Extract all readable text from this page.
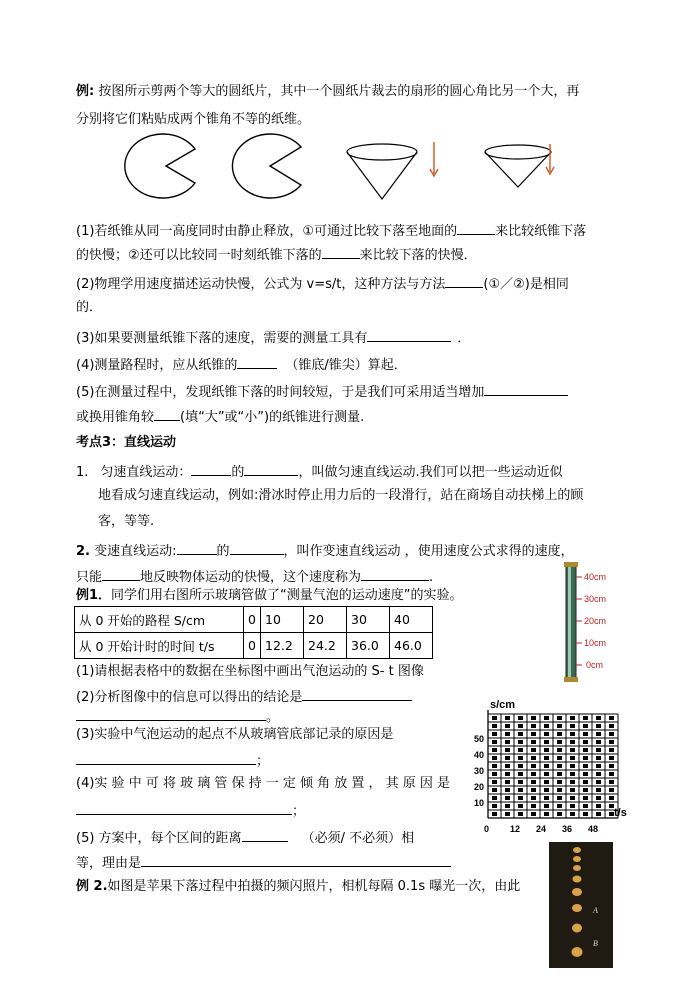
例: 按图所示剪两个等大的圆纸片，其中一个圆纸片裁去的扇形的圆心角比另一个大，再
分别将它们粘贴成两个锥角不等的纸维。
(1)若纸锥从同一高度同时由静止释放，①可通过比较下落至地面的	来比较纸锥下落
的快慢；②还可以比较同一时刻纸锥下落的	来比较下落的快慢．
(2)物理学用速度描述运动快慢，公式为 v=s/t，这种方法与方法	(①／②)是相同
的．
(3)如果要测量纸锥下落的速度，需要的测量工具有	．
(4)测量路程时，应从纸锥的	（锥底/锥尖）算起．
(5)在测量过程中，发现纸锥下落的时间较短，于是我们可采用适当增加
或换用锥角较 (填“大”或“小”)的纸锥进行测量.
考点3：直线运动
1. 匀速直线运动：	的	，叫做匀速直线运动.我们可以把一些运动近似
地看成匀速直线运动，例如:滑冰时停止用力后的一段滑行，站在商场自动扶梯上的顾
客，等等.
2. 变速直线运动:	的	，叫作变速直线运动 ，使用速度公式求得的速度，
只能	地反映物体运动的快慢，这个速度称为	.
例1．同学们用右图所示玻璃管做了“测量气泡的运动速度”的实验。
从 0 开始的路程 S/cm	0	10	20	30	40
从 0 开始计时的时间 t/s	0	12.2	24.2	36.0	46.0
40cm
30cm
20cm
10cm
0cm
(1)请根据表格中的数据在坐标图中画出气泡运动的 S- t 图像
(2)分析图像中的信息可以得出的结论是
。
(3)实验中气泡运动的起点不从玻璃管底部记录的原因是
；
(4)实 验 中 可 将 玻 璃 管 保 持 一 定 倾 角 放 置 ， 其 原 因 是
；
(5) 方案中，每个区间的距离	（必须/ 不必须）相
等，理由是
s/cm
50
40
30
20
10
0 12 24 36 48
t/s
A
B
例 2.如图是苹果下落过程中拍摄的频闪照片，相机每隔 0.1s 曝光一次，由此
